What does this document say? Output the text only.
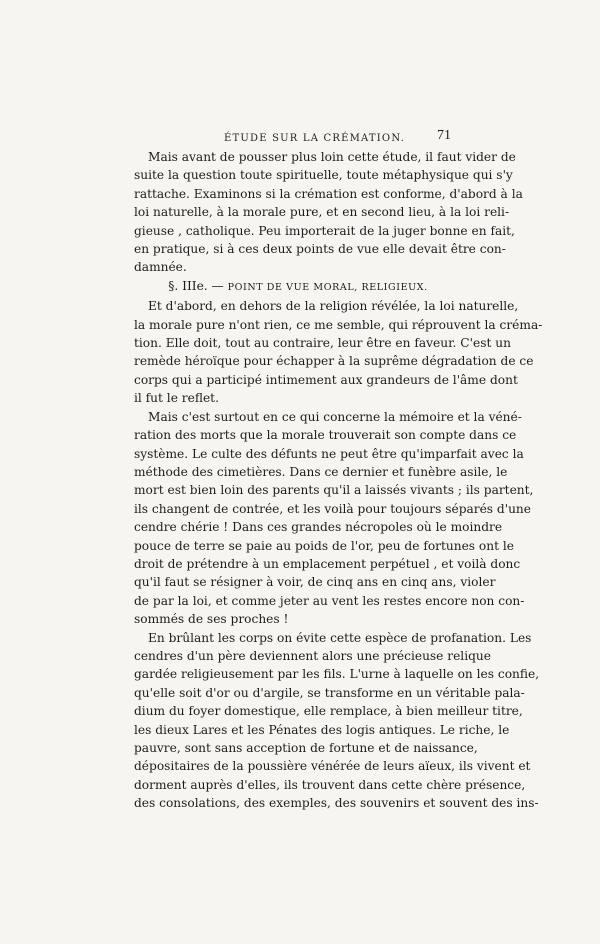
ÉTUDE SUR LA CRÉMATION. 71
Mais avant de pousser plus loin cette étude, il faut vider de
suite la question toute spirituelle, toute métaphysique qui s'y
rattache. Examinons si la crémation est conforme, d'abord à la
loi naturelle, à la morale pure, et en second lieu, à la loi reli-
gieuse , catholique. Peu importerait de la juger bonne en fait,
en pratique, si à ces deux points de vue elle devait être con-
damnée.
§. IIIe. — POINT DE VUE MORAL, RELIGIEUX.
Et d'abord, en dehors de la religion révélée, la loi naturelle,
la morale pure n'ont rien, ce me semble, qui réprouvent la créma-
tion. Elle doit, tout au contraire, leur être en faveur. C'est un
remède héroïque pour échapper à la suprême dégradation de ce
corps qui a participé intimement aux grandeurs de l'âme dont
il fut le reflet.
Mais c'est surtout en ce qui concerne la mémoire et la véné-
ration des morts que la morale trouverait son compte dans ce
système. Le culte des défunts ne peut être qu'imparfait avec la
méthode des cimetières. Dans ce dernier et funèbre asile, le
mort est bien loin des parents qu'il a laissés vivants ; ils partent,
ils changent de contrée, et les voilà pour toujours séparés d'une
cendre chérie ! Dans ces grandes nécropoles où le moindre
pouce de terre se paie au poids de l'or, peu de fortunes ont le
droit de prétendre à un emplacement perpétuel , et voilà donc
qu'il faut se résigner à voir, de cinq ans en cinq ans, violer
de par la loi, et comme jeter au vent les restes encore non con-
sommés de ses proches !
En brûlant les corps on évite cette espèce de profanation. Les
cendres d'un père deviennent alors une précieuse relique
gardée religieusement par les fils. L'urne à laquelle on les confie,
qu'elle soit d'or ou d'argile, se transforme en un véritable pala-
dium du foyer domestique, elle remplace, à bien meilleur titre,
les dieux Lares et les Pénates des logis antiques. Le riche, le
pauvre, sont sans acception de fortune et de naissance,
dépositaires de la poussière vénérée de leurs aïeux, ils vivent et
dorment auprès d'elles, ils trouvent dans cette chère présence,
des consolations, des exemples, des souvenirs et souvent des ins-
